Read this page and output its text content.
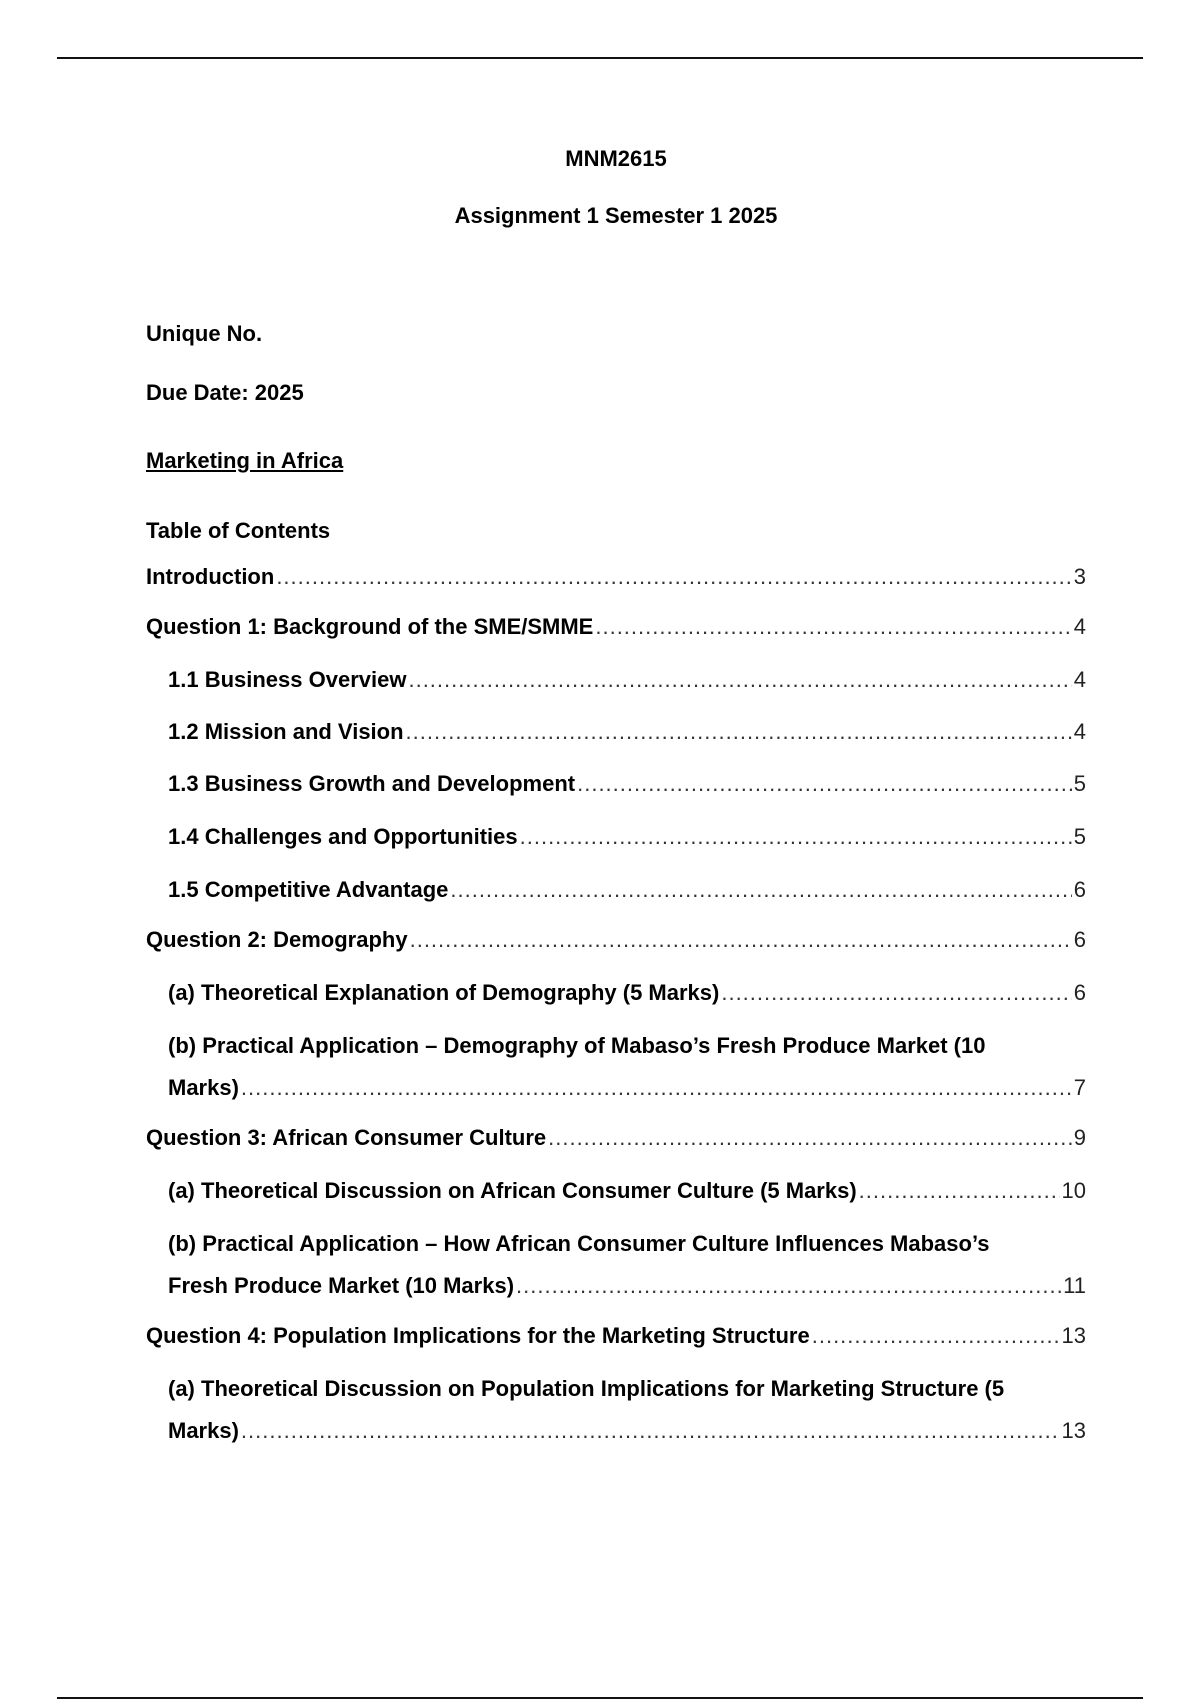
MNM2615
Assignment 1 Semester 1 2025
Unique No.
Due Date: 2025
Marketing in Africa
Table of Contents
Introduction .....	3
Question 1: Background of the SME/SMME .....	4
1.1 Business Overview .....	4
1.2 Mission and Vision .....	4
1.3 Business Growth and Development .....	5
1.4 Challenges and Opportunities .....	5
1.5 Competitive Advantage .....	6
Question 2: Demography .....	6
(a) Theoretical Explanation of Demography (5 Marks) .....	6
(b) Practical Application – Demography of Mabaso’s Fresh Produce Market (10
Marks) .....	7
Question 3: African Consumer Culture .....	9
(a) Theoretical Discussion on African Consumer Culture (5 Marks) .....	10
(b) Practical Application – How African Consumer Culture Influences Mabaso’s
Fresh Produce Market (10 Marks) .....	11
Question 4: Population Implications for the Marketing Structure .....	13
(a) Theoretical Discussion on Population Implications for Marketing Structure (5
Marks) .....	13
